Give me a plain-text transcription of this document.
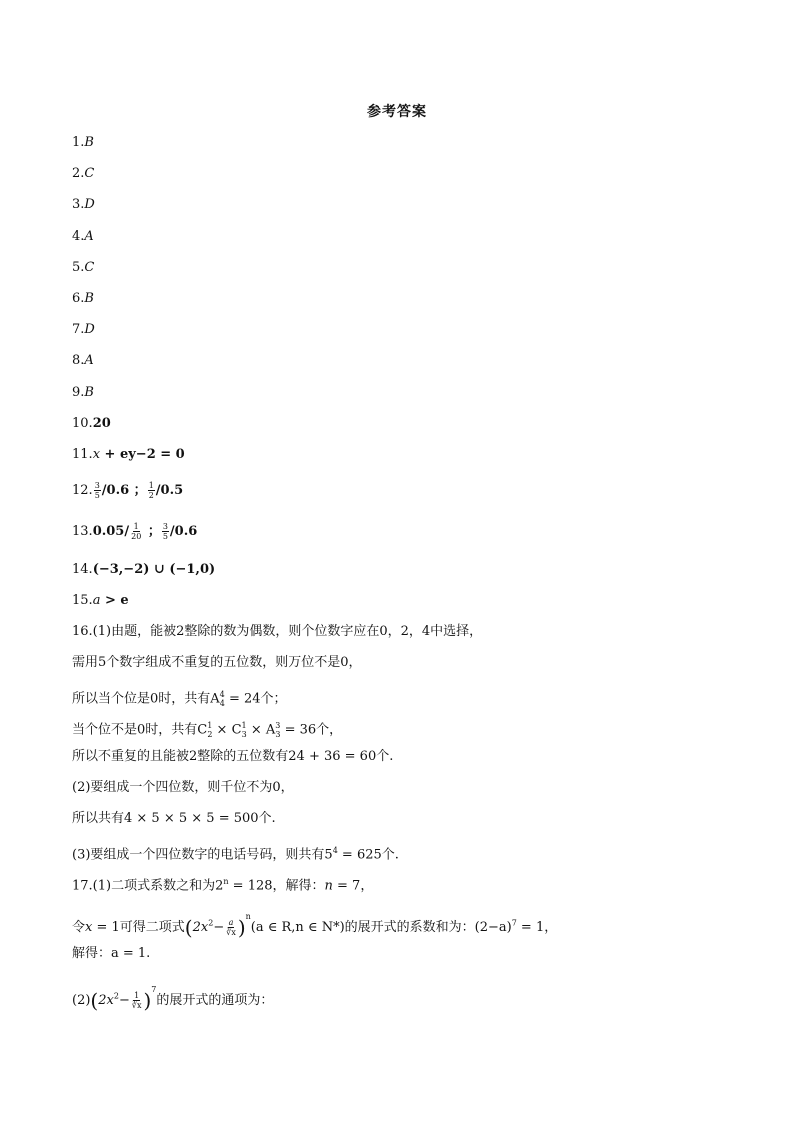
参考答案
1.B
2.C
3.D
4.A
5.C
6.B
7.D
8.A
9.B
10.20
11.x + ey−2 = 0
12. $\frac{3}{5} /0.6$ ； $\frac{1}{2} /0.5$
$13.0.05/ \frac{1}{20}$ ； $\frac{3}{5} /0.6$
14.(−3,−2) ∪ (−1,0)
15.a > e
16.(1)由题，能被2整除的数为偶数，则个位数字应在0，2，4中选择，
需用5个数字组成不重复的五位数，则万位不是0，
所以当个位是0时，共有$A^4_4 = 24$个；
当个位不是0时，共有$C^1_2 \times C^1_3 \times A^3_3 = 36$个，
所以不重复的且能被2整除的五位数有24 + 36 = 60个.
(2)要组成一个四位数，则千位不为0，
所以共有4 × 5 × 5 × 5 = 500个.
(3)要组成一个四位数字的电话号码，则共有$5^4 = 625$个.
17.(1)二项式系数之和为$2^n = 128$，解得：n = 7，
令x = 1可得二项式$(2x^2- \frac{a}{∛x} )^n(a$ ∈ R,n ∈ N*)的展开式的系数和为：$(2-a)^7 = 1$，
解得：a = 1.
$(2)(2x^2- \frac{1}{∛x} )^7$的展开式的通项为：
